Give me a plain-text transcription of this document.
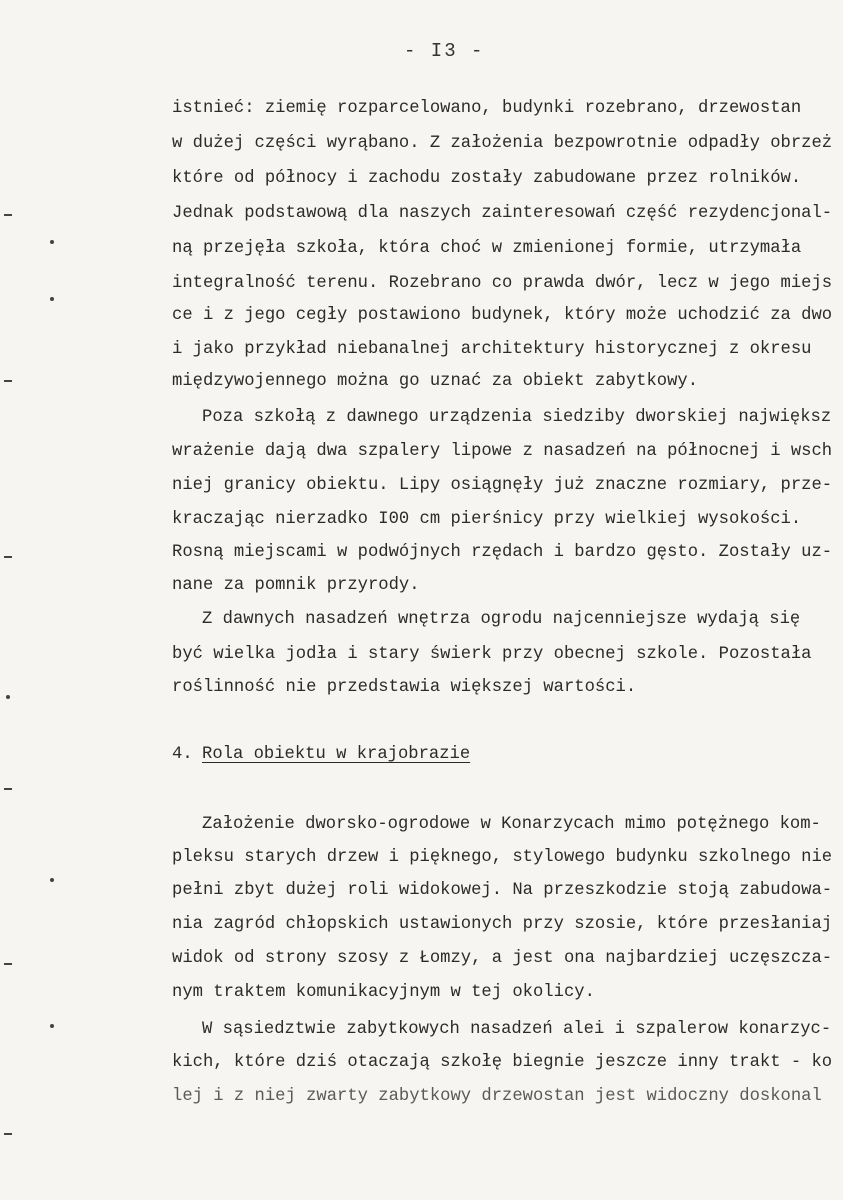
- I3 -
istnieć: ziemię rozparcelowano, budynki rozebrano, drzewostan
w dużej części wyrąbano. Z założenia bezpowrotnie odpadły obrzeż
które od północy i zachodu zostały zabudowane przez rolników.
Jednak podstawową dla naszych zainteresowań część rezydencjonal-
ną przejęła szkoła, która choć w zmienionej formie, utrzymała
integralność terenu. Rozebrano co prawda dwór, lecz w jego miejs
ce i z jego cegły postawiono budynek, który może uchodzić za dwo
i jako przykład niebanalnej architektury historycznej z okresu
międzywojennego można go uznać za obiekt zabytkowy.
Poza szkołą z dawnego urządzenia siedziby dworskiej największ
wrażenie dają dwa szpalery lipowe z nasadzeń na północnej i wsch
niej granicy obiektu. Lipy osiągnęły już znaczne rozmiary, prze-
kraczając nierzadko I00 cm pierśnicy przy wielkiej wysokości.
Rosną miejscami w podwójnych rzędach i bardzo gęsto. Zostały uz-
nane za pomnik przyrody.
Z dawnych nasadzeń wnętrza ogrodu najcenniejsze wydają się
być wielka jodła i stary świerk przy obecnej szkole. Pozostała
roślinność nie przedstawia większej wartości.
4. Rola obiektu w krajobrazie
Założenie dworsko-ogrodowe w Konarzycach mimo potężnego kom-
pleksu starych drzew i pięknego, stylowego budynku szkolnego nie
pełni zbyt dużej roli widokowej. Na przeszkodzie stoją zabudowa-
nia zagród chłopskich ustawionych przy szosie, które przesłaniaj
widok od strony szosy z Łomzy, a jest ona najbardziej uczęszcza-
nym traktem komunikacyjnym w tej okolicy.
W sąsiedztwie zabytkowych nasadzeń alei i szpalerow konarzyc-
kich, które dziś otaczają szkołę biegnie jeszcze inny trakt - ko
lej i z niej zwarty zabytkowy drzewostan jest widoczny doskonal
